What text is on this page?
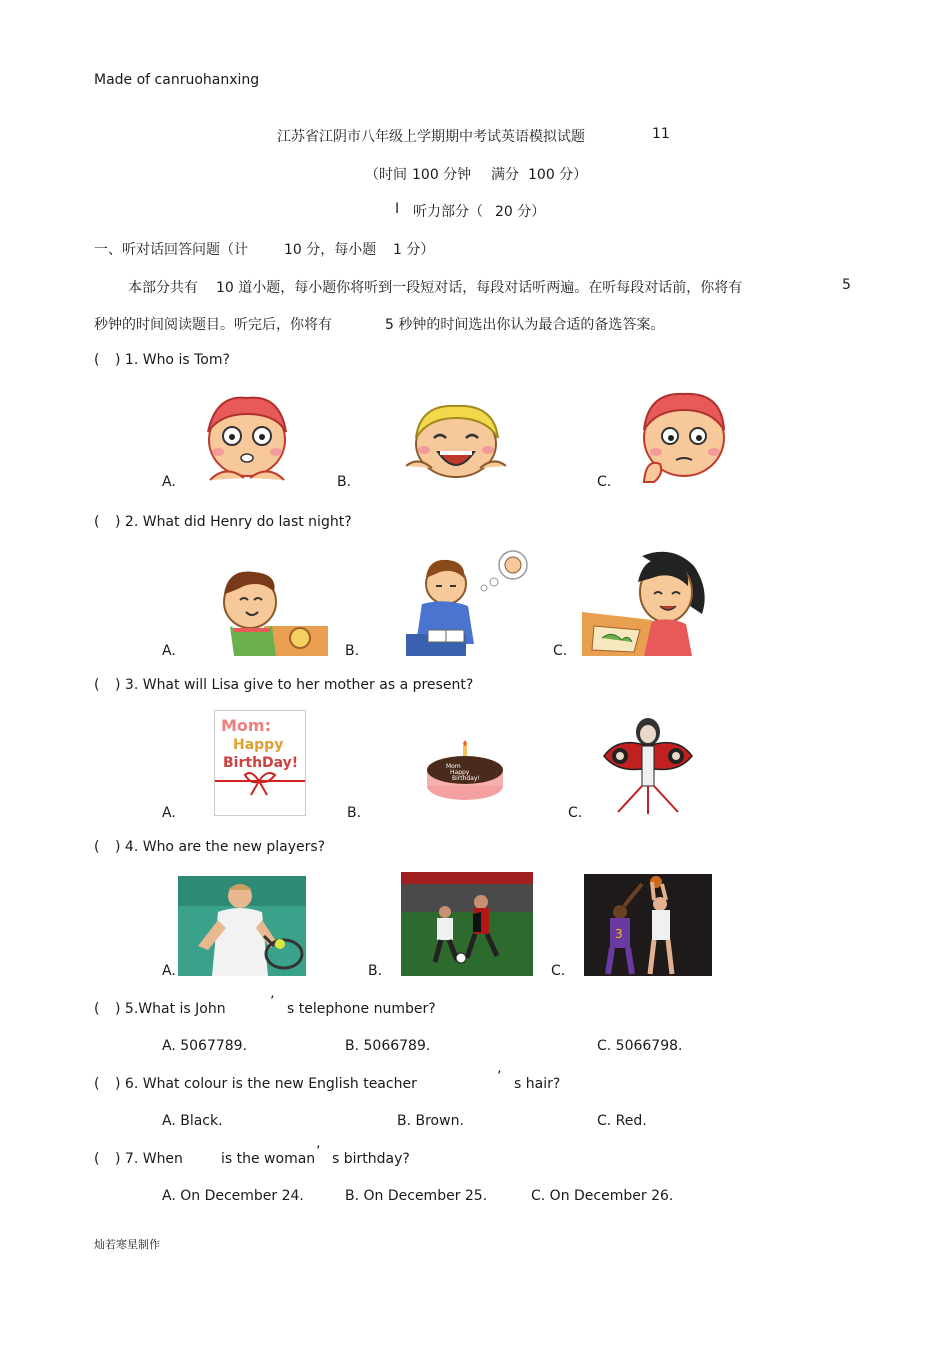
Made of canruohanxing
江苏省江阴市八年级上学期期中考试英语模拟试题	11
（时间 100 分钟 满分 100 分）
Ⅰ 听力部分（ 20 分）
一、听对话回答问题（计	10 分，每小题 1 分）
本部分共有 10 道小题，每小题你将听到一段短对话，每段对话听两遍。在听每段对话前，你将有	5
秒钟的时间阅读题目。听完后，你将有	5 秒钟的时间选出你认为最合适的备选答案。
( ) 1. Who is Tom?
A.	B.	C.
( ) 2. What did Henry do last night?
A.	B.	C.
( ) 3. What will Lisa give to her mother as a present?
Mom:
Happy
BirthDay!	Mom
Happy
Birthday!
A.	B.	C.
( ) 4. Who are the new players?
3
A.	B.	C.
( ) 5.What is John	’ s telephone number?
A. 5067789.	B. 5066789.	C. 5066798.
( ) 6. What colour is the new English teacher	’ s hair?
A. Black.	B. Brown.	C. Red.
( ) 7. When	is the woman ’ s birthday?
A. On December 24.	B. On December 25.	C. On December 26.
灿若寒星制作
